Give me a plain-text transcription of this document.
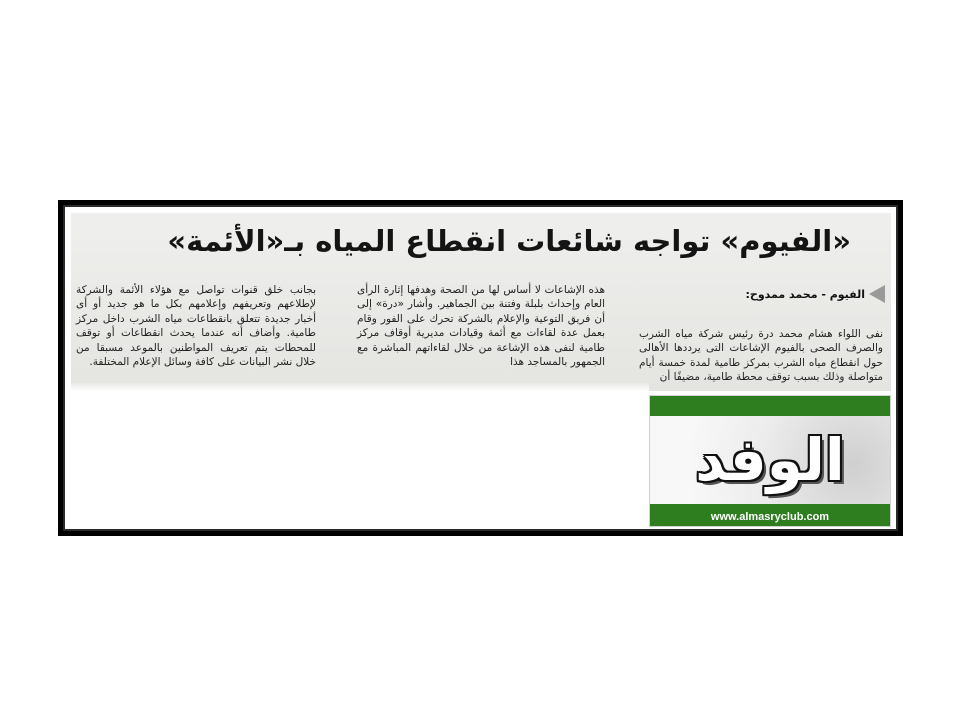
«الفيوم» تواجه شائعات انقطاع المياه بـ«الأئمة»
الفيوم - محمد ممدوح:
نفى اللواء هشام محمد درة رئيس شركة مياه الشرب والصرف الصحى بالفيوم الإشاعات التى يرددها الأهالى حول انقطاع مياه الشرب بمركز طامية لمدة خمسة أيام متواصلة وذلك بسبب توقف محطة طامية، مضيفًا أن
هذه الإشاعات لا أساس لها من الصحة وهدفها إثارة الرأى العام وإحداث بلبلة وفتنة بين الجماهير. وأشار «درة» إلى أن فريق التوعية والإعلام بالشركة تحرك على الفور وقام بعمل عدة لقاءات مع أئمة وقيادات مديرية أوقاف مركز طامية لنفى هذه الإشاعة من خلال لقاءاتهم المباشرة مع الجمهور بالمساجد هذا
بجانب خلق قنوات تواصل مع هؤلاء الأئمة والشركة لإطلاعهم وتعريفهم وإعلامهم بكل ما هو جديد أو أى أخبار جديدة تتعلق بانقطاعات مياه الشرب داخل مركز طامية. وأضاف أنه عندما يحدث انقطاعات أو توقف للمحطات يتم تعريف المواطنين بالموعد مسبقا من خلال نشر البيانات على كافة وسائل الإعلام المختلفة.
الوفد
www.almasryclub.com
